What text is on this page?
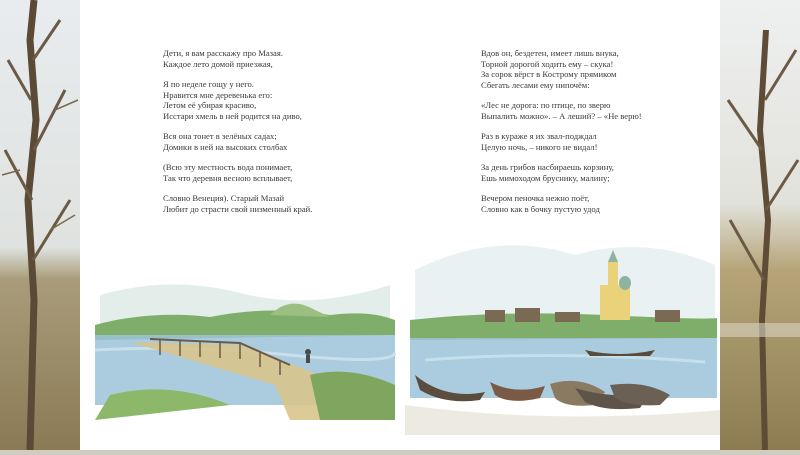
Дети, я вам расскажу про Мазая.
Каждое лето домой приезжая,
Я по неделе гощу у него.
Нравится мне деревенька его:
Летом её убирая красиво,
Исстари хмель в ней родится на диво,
Вся она тонет в зелёных садах;
Домики в ней на высоких столбах
(Всю эту местность вода понимает,
Так что деревня весною всплывает,
Словно Венеция). Старый Мазай
Любит до страсти свой низменный край.
Вдов он, бездетен, имеет лишь внука,
Торной дорогой ходить ему – скука!
За сорок вёрст в Кострому прямиком
Сбегать лесами ему нипочём:
«Лес не дорога: по птице, по зверю
Выпалить можно». – А леший? – «Не верю!
Раз в кураже я их звал-подждал
Целую ночь, – никого не видал!
За день грибов насбираешь корзину,
Ешь мимоходом бруснику, малину;
Вечером пеночка нежно поёт,
Словно как в бочку пустую удод
